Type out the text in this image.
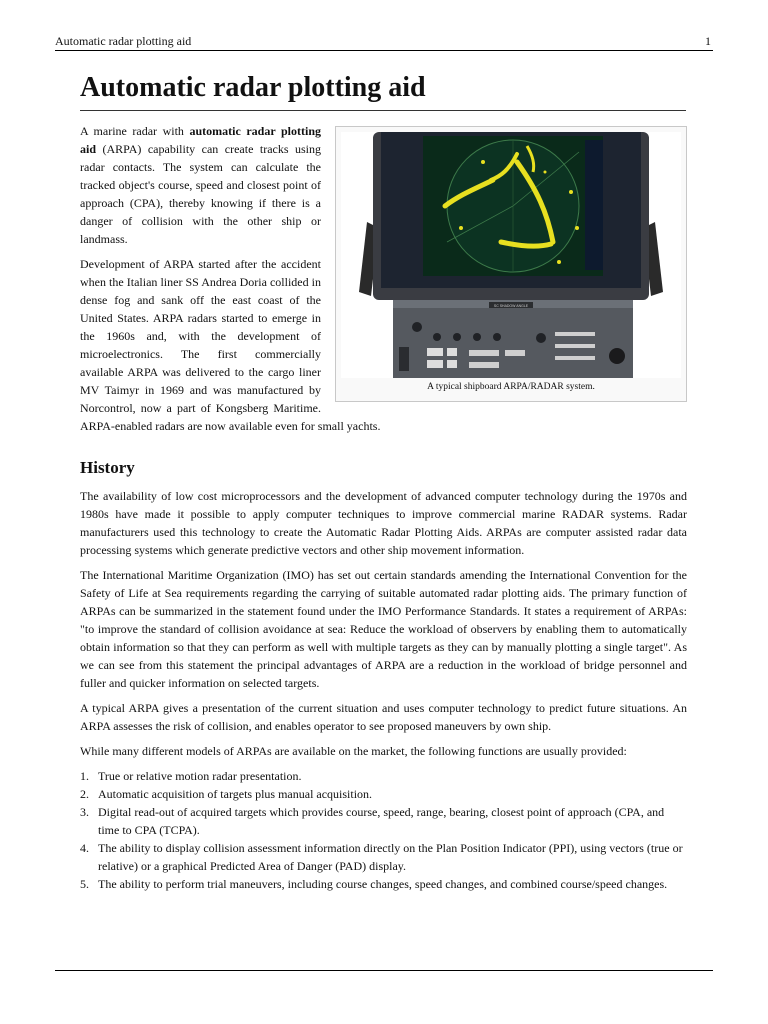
Automatic radar plotting aid	1
Automatic radar plotting aid
SC SHADOW ANGLE
A typical shipboard ARPA/RADAR system.

A marine radar with automatic radar plotting aid (ARPA) capability can create tracks using radar contacts. The system can calculate the tracked object's course, speed and closest point of approach (CPA), thereby knowing if there is a danger of collision with the other ship or landmass.

Development of ARPA started after the accident when the Italian liner SS Andrea Doria collided in dense fog and sank off the east coast of the United States. ARPA radars started to emerge in the 1960s and, with the development of microelectronics. The first commercially available ARPA was delivered to the cargo liner MV Taimyr in 1969 and was manufactured by Norcontrol, now a part of Kongsberg Maritime. ARPA-enabled radars are now available even for small yachts.

History

The availability of low cost microprocessors and the development of advanced computer technology during the 1970s and 1980s have made it possible to apply computer techniques to improve commercial marine RADAR systems. Radar manufacturers used this technology to create the Automatic Radar Plotting Aids. ARPAs are computer assisted radar data processing systems which generate predictive vectors and other ship movement information.

The International Maritime Organization (IMO) has set out certain standards amending the International Convention for the Safety of Life at Sea requirements regarding the carrying of suitable automated radar plotting aids. The primary function of ARPAs can be summarized in the statement found under the IMO Performance Standards. It states a requirement of ARPAs: "to improve the standard of collision avoidance at sea: Reduce the workload of observers by enabling them to automatically obtain information so that they can perform as well with multiple targets as they can by manually plotting a single target". As we can see from this statement the principal advantages of ARPA are a reduction in the workload of bridge personnel and fuller and quicker information on selected targets.

A typical ARPA gives a presentation of the current situation and uses computer technology to predict future situations. An ARPA assesses the risk of collision, and enables operator to see proposed maneuvers by own ship.

While many different models of ARPAs are available on the market, the following functions are usually provided:

1. True or relative motion radar presentation.
2. Automatic acquisition of targets plus manual acquisition.
3. Digital read-out of acquired targets which provides course, speed, range, bearing, closest point of approach (CPA, and time to CPA (TCPA).
4. The ability to display collision assessment information directly on the Plan Position Indicator (PPI), using vectors (true or relative) or a graphical Predicted Area of Danger (PAD) display.
5. The ability to perform trial maneuvers, including course changes, speed changes, and combined course/speed changes.
